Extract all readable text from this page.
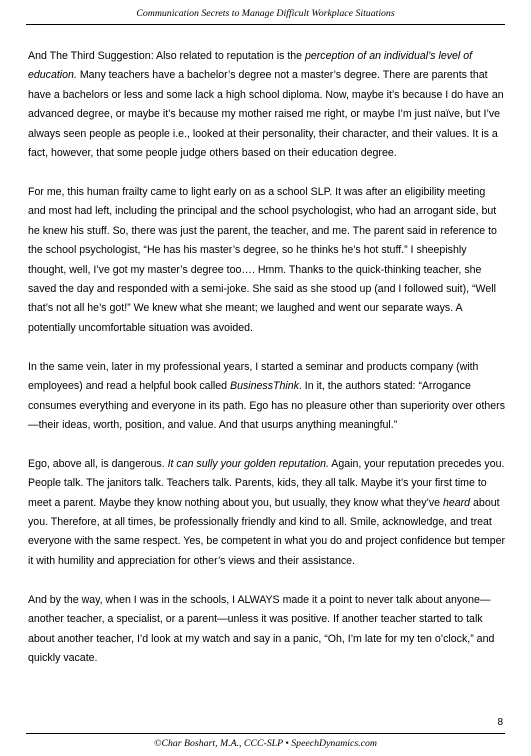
Communication Secrets to Manage Difficult Workplace Situations

And The Third Suggestion: Also related to reputation is the perception of an individual’s level of education. Many teachers have a bachelor’s degree not a master’s degree. There are parents that have a bachelors or less and some lack a high school diploma. Now, maybe it’s because I do have an advanced degree, or maybe it’s because my mother raised me right, or maybe I’m just naïve, but I’ve always seen people as people i.e., looked at their personality, their character, and their values. It is a fact, however, that some people judge others based on their education degree.

For me, this human frailty came to light early on as a school SLP. It was after an eligibility meeting and most had left, including the principal and the school psychologist, who had an arrogant side, but he knew his stuff. So, there was just the parent, the teacher, and me. The parent said in reference to the school psychologist, “He has his master’s degree, so he thinks he’s hot stuff.” I sheepishly thought, well, I’ve got my master’s degree too…. Hmm. Thanks to the quick-thinking teacher, she saved the day and responded with a semi-joke. She said as she stood up (and I followed suit), “Well that’s not all he’s got!” We knew what she meant; we laughed and went our separate ways. A potentially uncomfortable situation was avoided.

In the same vein, later in my professional years, I started a seminar and products company (with employees) and read a helpful book called BusinessThink. In it, the authors stated: “Arrogance consumes everything and everyone in its path. Ego has no pleasure other than superiority over others—their ideas, worth, position, and value. And that usurps anything meaningful.”

Ego, above all, is dangerous. It can sully your golden reputation. Again, your reputation precedes you. People talk. The janitors talk. Teachers talk. Parents, kids, they all talk. Maybe it’s your first time to meet a parent. Maybe they know nothing about you, but usually, they know what they’ve heard about you. Therefore, at all times, be professionally friendly and kind to all. Smile, acknowledge, and treat everyone with the same respect. Yes, be competent in what you do and project confidence but temper it with humility and appreciation for other’s views and their assistance.

And by the way, when I was in the schools, I ALWAYS made it a point to never talk about anyone—another teacher, a specialist, or a parent—unless it was positive. If another teacher started to talk about another teacher, I’d look at my watch and say in a panic, “Oh, I’m late for my ten o’clock,” and quickly vacate.

8
©Char Boshart, M.A., CCC-SLP • SpeechDynamics.com
